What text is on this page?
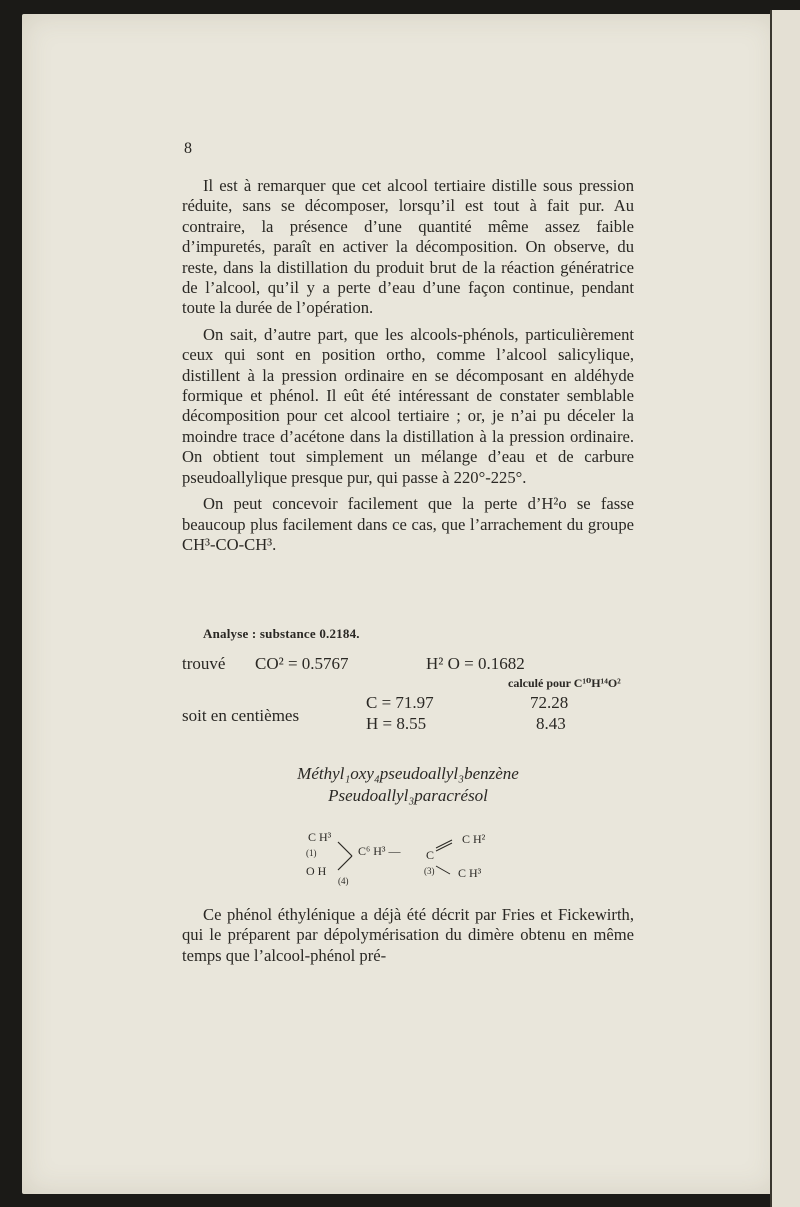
8

Il est à remarquer que cet alcool tertiaire distille sous pression réduite, sans se décomposer, lorsqu’il est tout à fait pur. Au contraire, la présence d’une quantité même assez faible d’impuretés, paraît en activer la décomposition. On observe, du reste, dans la distillation du produit brut de la réaction génératrice de l’alcool, qu’il y a perte d’eau d’une façon continue, pendant toute la durée de l’opération.

On sait, d’autre part, que les alcools-phénols, particulièrement ceux qui sont en position ortho, comme l’alcool salicylique, distillent à la pression ordinaire en se décomposant en aldéhyde formique et phénol. Il eût été intéressant de constater semblable décomposition pour cet alcool tertiaire ; or, je n’ai pu déceler la moindre trace d’acétone dans la distillation à la pression ordinaire. On obtient tout simplement un mélange d’eau et de carbure pseudoallylique presque pur, qui passe à 220°-225°.

On peut concevoir facilement que la perte d’H²o se fasse beaucoup plus facilement dans ce cas, que l’arrachement du groupe CH³-CO-CH³.

Analyse : substance 0.2184.
trouvé CO² = 0.5767	H² O = 0.1682
calculé pour C¹⁰H¹⁴O²
soit en centièmes
C = 71.97
H = 8.55
72.28
8.43
Méthyl₁oxy₄pseudoallyl₃benzène
Pseudoallyl₃paracrésol
C H³
(1)
O H
(4)
C⁶ H³ — C
(3)
C H²
C H³

Ce phénol éthylénique a déjà été décrit par Fries et Fickewirth, qui le préparent par dépolymérisation du dimère obtenu en même temps que l’alcool-phénol pré-
